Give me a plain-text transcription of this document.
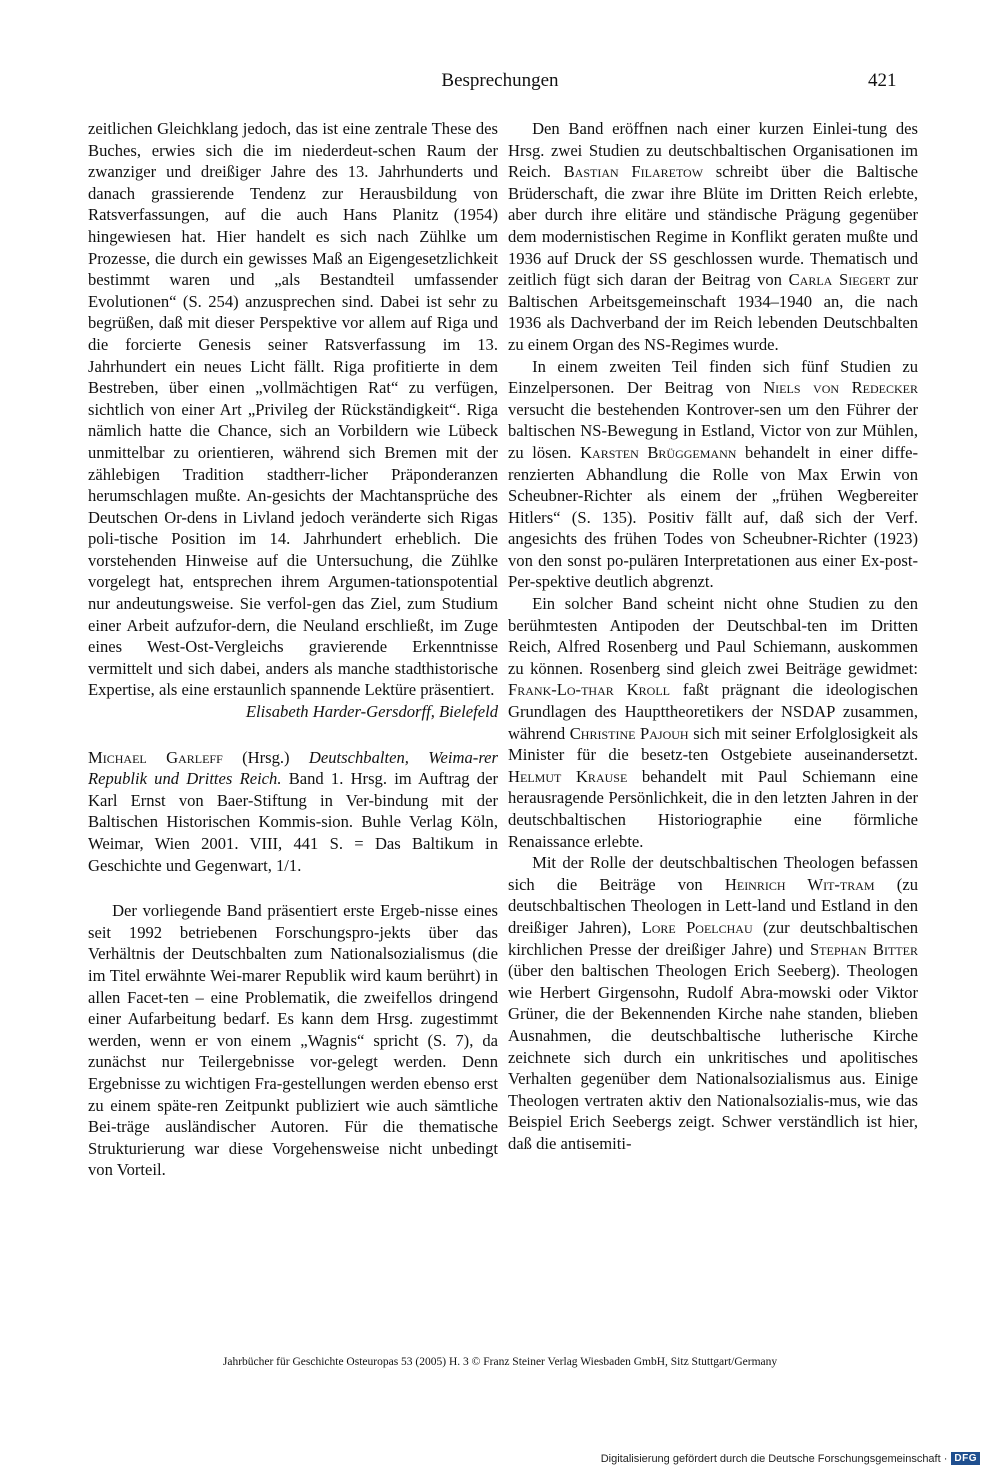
Besprechungen	421

zeitlichen Gleichklang jedoch, das ist eine zentrale These des Buches, erwies sich die im niederdeut-schen Raum der zwanziger und dreißiger Jahre des 13. Jahrhunderts und danach grassierende Tendenz zur Herausbildung von Ratsverfassungen, auf die auch Hans Planitz (1954) hingewiesen hat. Hier handelt es sich nach Zühlke um Prozesse, die durch ein gewisses Maß an Eigengesetzlichkeit bestimmt waren und „als Bestandteil umfassender Evolutionen“ (S. 254) anzusprechen sind. Dabei ist sehr zu begrüßen, daß mit dieser Perspektive vor allem auf Riga und die forcierte Genesis seiner Ratsverfassung im 13. Jahrhundert ein neues Licht fällt. Riga profitierte in dem Bestreben, über einen „vollmächtigen Rat“ zu verfügen, sichtlich von einer Art „Privileg der Rückständigkeit“. Riga nämlich hatte die Chance, sich an Vorbildern wie Lübeck unmittelbar zu orientieren, während sich Bremen mit der zählebigen Tradition stadtherr-licher Präponderanzen herumschlagen mußte. An-gesichts der Machtansprüche des Deutschen Or-dens in Livland jedoch veränderte sich Rigas poli-tische Position im 14. Jahrhundert erheblich. Die vorstehenden Hinweise auf die Untersuchung, die Zühlke vorgelegt hat, entsprechen ihrem Argumen-tationspotential nur andeutungsweise. Sie verfol-gen das Ziel, zum Studium einer Arbeit aufzufor-dern, die Neuland erschließt, im Zuge eines West-Ost-Vergleichs gravierende Erkenntnisse vermittelt und sich dabei, anders als manche stadthistorische Expertise, als eine erstaunlich spannende Lektüre präsentiert.

Elisabeth Harder-Gersdorff, Bielefeld

Michael Garleff (Hrsg.) Deutschbalten, Weima-rer Republik und Drittes Reich. Band 1. Hrsg. im Auftrag der Karl Ernst von Baer-Stiftung in Ver-bindung mit der Baltischen Historischen Kommis-sion. Buhle Verlag Köln, Weimar, Wien 2001. VIII, 441 S. = Das Baltikum in Geschichte und Gegenwart, 1/1.

Der vorliegende Band präsentiert erste Ergeb-nisse eines seit 1992 betriebenen Forschungspro-jekts über das Verhältnis der Deutschbalten zum Nationalsozialismus (die im Titel erwähnte Wei-marer Republik wird kaum berührt) in allen Facet-ten – eine Problematik, die zweifellos dringend einer Aufarbeitung bedarf. Es kann dem Hrsg. zugestimmt werden, wenn er von einem „Wagnis“ spricht (S. 7), da zunächst nur Teilergebnisse vor-gelegt werden. Denn Ergebnisse zu wichtigen Fra-gestellungen werden ebenso erst zu einem späte-ren Zeitpunkt publiziert wie auch sämtliche Bei-träge ausländischer Autoren. Für die thematische Strukturierung war diese Vorgehensweise nicht unbedingt von Vorteil.

Den Band eröffnen nach einer kurzen Einlei-tung des Hrsg. zwei Studien zu deutschbaltischen Organisationen im Reich. Bastian Filaretow schreibt über die Baltische Brüderschaft, die zwar ihre Blüte im Dritten Reich erlebte, aber durch ihre elitäre und ständische Prägung gegenüber dem modernistischen Regime in Konflikt geraten mußte und 1936 auf Druck der SS geschlossen wurde. Thematisch und zeitlich fügt sich daran der Beitrag von Carla Siegert zur Baltischen Arbeitsgemeinschaft 1934–1940 an, die nach 1936 als Dachverband der im Reich lebenden Deutschbalten zu einem Organ des NS-Regimes wurde.

In einem zweiten Teil finden sich fünf Studien zu Einzelpersonen. Der Beitrag von Niels von Redecker versucht die bestehenden Kontrover-sen um den Führer der baltischen NS-Bewegung in Estland, Victor von zur Mühlen, zu lösen. Karsten Brüggemann behandelt in einer diffe-renzierten Abhandlung die Rolle von Max Erwin von Scheubner-Richter als einem der „frühen Wegbereiter Hitlers“ (S. 135). Positiv fällt auf, daß sich der Verf. angesichts des frühen Todes von Scheubner-Richter (1923) von den sonst po-pulären Interpretationen aus einer Ex-post-Per-spektive deutlich abgrenzt.

Ein solcher Band scheint nicht ohne Studien zu den berühmtesten Antipoden der Deutschbal-ten im Dritten Reich, Alfred Rosenberg und Paul Schiemann, auskommen zu können. Rosenberg sind gleich zwei Beiträge gewidmet: Frank-Lo-thar Kroll faßt prägnant die ideologischen Grundlagen des Haupttheoretikers der NSDAP zusammen, während Christine Pajouh sich mit seiner Erfolglosigkeit als Minister für die besetz-ten Ostgebiete auseinandersetzt. Helmut Krause behandelt mit Paul Schiemann eine herausragende Persönlichkeit, die in den letzten Jahren in der deutschbaltischen Historiographie eine förmliche Renaissance erlebte.

Mit der Rolle der deutschbaltischen Theologen befassen sich die Beiträge von Heinrich Wit-tram (zu deutschbaltischen Theologen in Lett-land und Estland in den dreißiger Jahren), Lore Poelchau (zur deutschbaltischen kirchlichen Presse der dreißiger Jahre) und Stephan Bitter (über den baltischen Theologen Erich Seeberg). Theologen wie Herbert Girgensohn, Rudolf Abra-mowski oder Viktor Grüner, die der Bekennenden Kirche nahe standen, blieben Ausnahmen, die deutschbaltische lutherische Kirche zeichnete sich durch ein unkritisches und apolitisches Verhalten gegenüber dem Nationalsozialismus aus. Einige Theologen vertraten aktiv den Nationalsozialis-mus, wie das Beispiel Erich Seebergs zeigt. Schwer verständlich ist hier, daß die antisemiti-

Jahrbücher für Geschichte Osteuropas 53 (2005) H. 3 © Franz Steiner Verlag Wiesbaden GmbH, Sitz Stuttgart/Germany
Digitalisierung gefördert durch die Deutsche Forschungsgemeinschaft · DFG
